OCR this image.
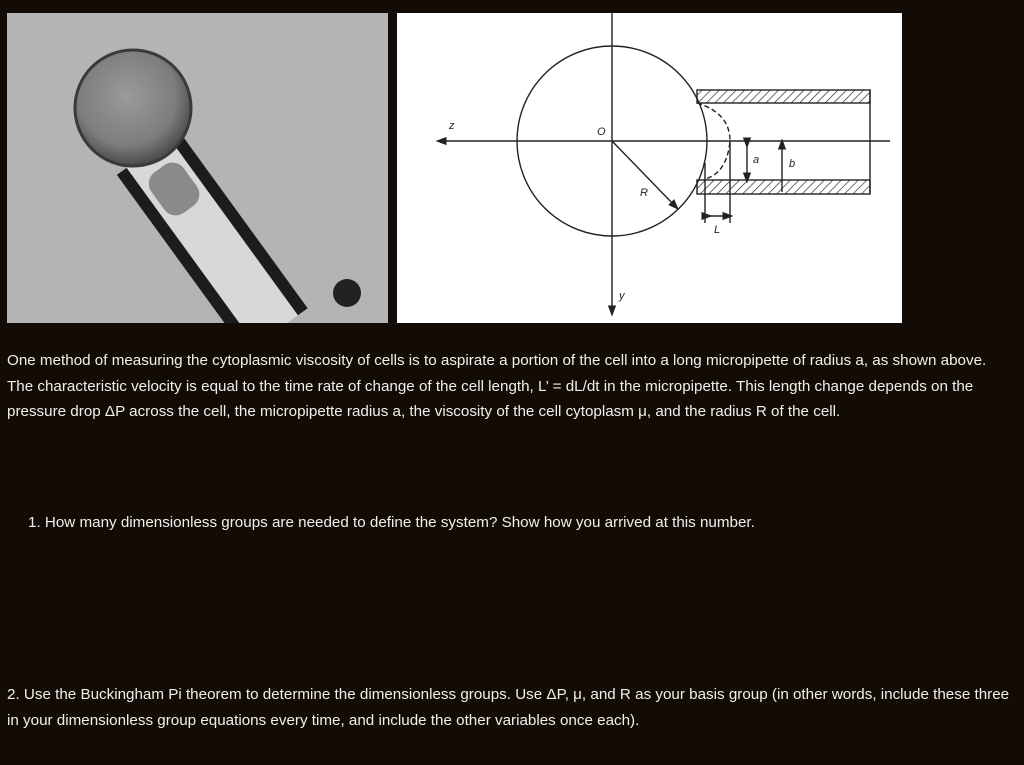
z	O
R
a	b
L
y
One method of measuring the cytoplasmic viscosity of cells is to aspirate a portion of the cell into a long micropipette of radius a, as shown above. The characteristic velocity is equal to the time rate of change of the cell length, L’ = dL/dt in the micropipette. This length change depends on the pressure drop ΔP across the cell, the micropipette radius a, the viscosity of the cell cytoplasm μ, and the radius R of the cell.
1. How many dimensionless groups are needed to define the system? Show how you arrived at this number.
2. Use the Buckingham Pi theorem to determine the dimensionless groups. Use ΔP, μ, and R as your basis group (in other words, include these three in your dimensionless group equations every time, and include the other variables once each).
